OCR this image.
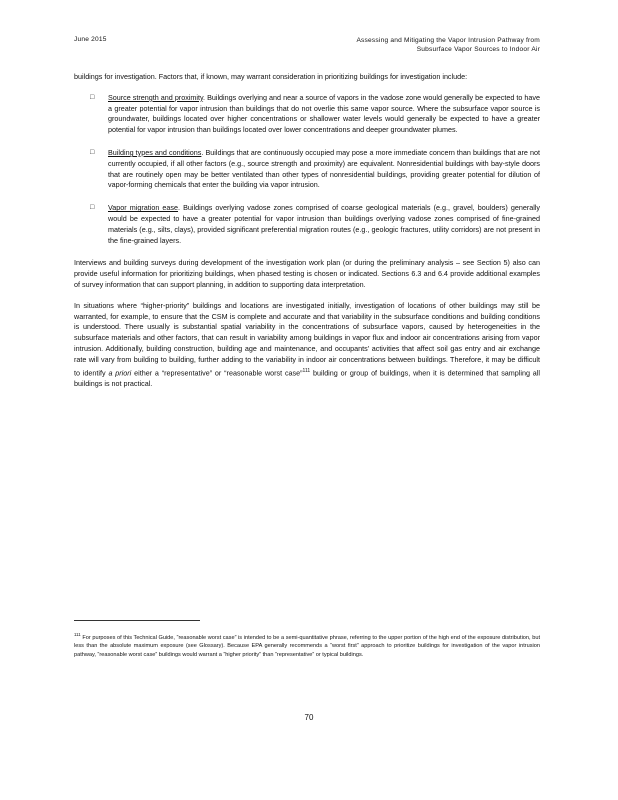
June 2015	Assessing and Mitigating the Vapor Intrusion Pathway from
Subsurface Vapor Sources to Indoor Air

buildings for investigation. Factors that, if known, may warrant consideration in prioritizing buildings for investigation include:

□ Source strength and proximity. Buildings overlying and near a source of vapors in the vadose zone would generally be expected to have a greater potential for vapor intrusion than buildings that do not overlie this same vapor source. Where the subsurface vapor source is groundwater, buildings located over higher concentrations or shallower water levels would generally be expected to have a greater potential for vapor intrusion than buildings located over lower concentrations and deeper groundwater plumes.
□ Building types and conditions. Buildings that are continuously occupied may pose a more immediate concern than buildings that are not currently occupied, if all other factors (e.g., source strength and proximity) are equivalent. Nonresidential buildings with bay-style doors that are routinely open may be better ventilated than other types of nonresidential buildings, providing greater potential for dilution of vapor-forming chemicals that enter the building via vapor intrusion.
□ Vapor migration ease. Buildings overlying vadose zones comprised of coarse geological materials (e.g., gravel, boulders) generally would be expected to have a greater potential for vapor intrusion than buildings overlying vadose zones comprised of fine-grained materials (e.g., silts, clays), provided significant preferential migration routes (e.g., geologic fractures, utility corridors) are not present in the fine-grained layers.

Interviews and building surveys during development of the investigation work plan (or during the preliminary analysis – see Section 5) also can provide useful information for prioritizing buildings, when phased testing is chosen or indicated. Sections 6.3 and 6.4 provide additional examples of survey information that can support planning, in addition to supporting data interpretation.

In situations where “higher-priority” buildings and locations are investigated initially, investigation of locations of other buildings may still be warranted, for example, to ensure that the CSM is complete and accurate and that variability in the subsurface conditions and building conditions is understood. There usually is substantial spatial variability in the concentrations of subsurface vapors, caused by heterogeneities in the subsurface materials and other factors, that can result in variability among buildings in vapor flux and indoor air concentrations arising from vapor intrusion. Additionally, building construction, building age and maintenance, and occupants’ activities that affect soil gas entry and air exchange rate will vary from building to building, further adding to the variability in indoor air concentrations between buildings. Therefore, it may be difficult to identify a priori either a “representative” or “reasonable worst case”$^{111}$ building or group of buildings, when it is determined that sampling all buildings is not practical.

$^{111}$ For purposes of this Technical Guide, “reasonable worst case” is intended to be a semi-quantitative phrase, referring to the upper portion of the high end of the exposure distribution, but less than the absolute maximum exposure (see Glossary). Because EPA generally recommends a “worst first” approach to prioritize buildings for investigation of the vapor intrusion pathway, “reasonable worst case” buildings would warrant a “higher priority” than “representative” or typical buildings.
70
